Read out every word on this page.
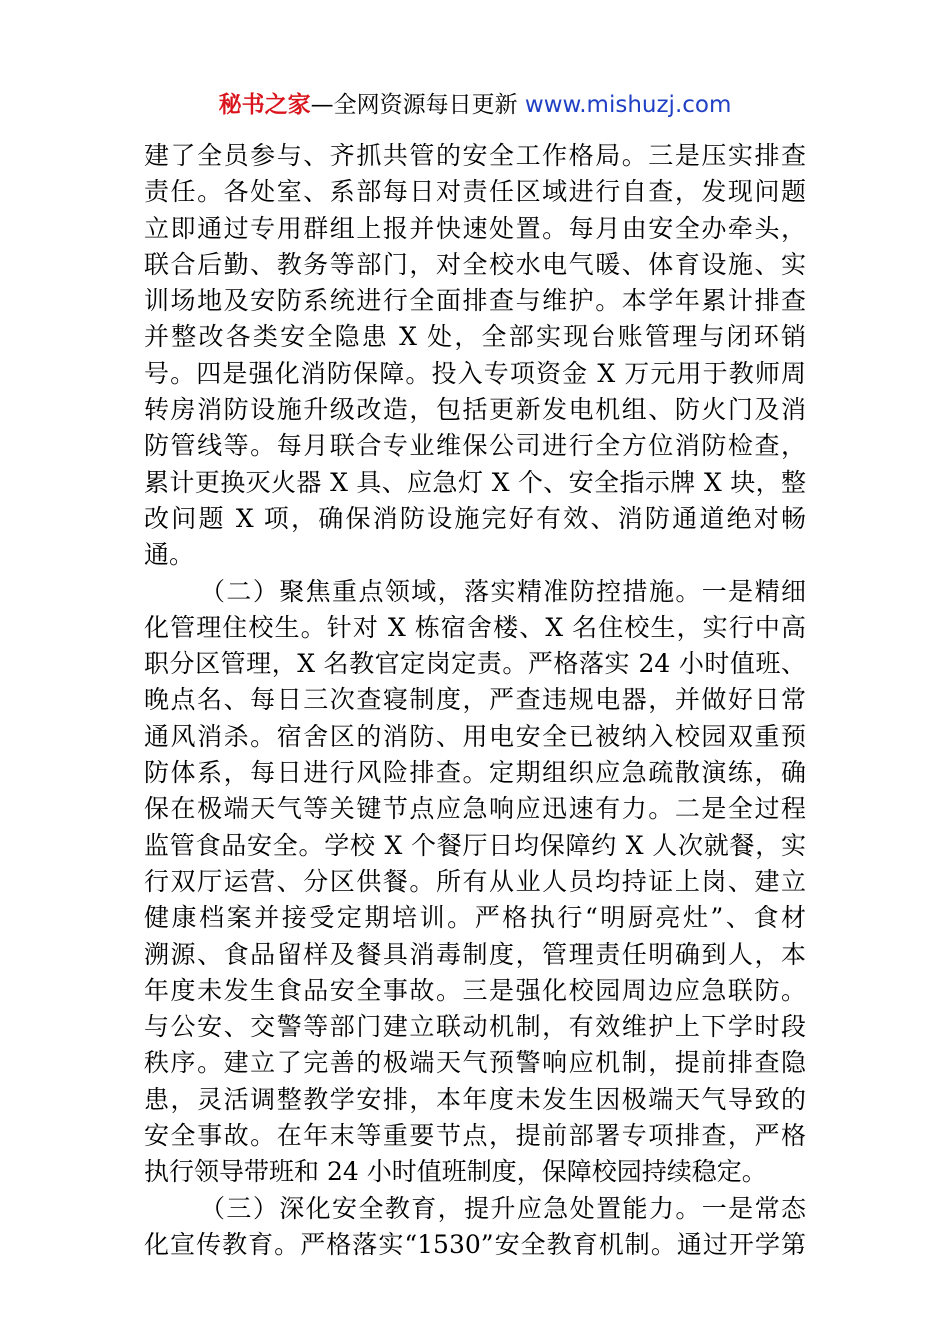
秘书之家—全网资源每日更新 www.mishuzj.com
建了全员参与、齐抓共管的安全工作格局。三是压实排查
责任。各处室、系部每日对责任区域进行自查，发现问题
立即通过专用群组上报并快速处置。每月由安全办牵头，
联合后勤、教务等部门，对全校水电气暖、体育设施、实
训场地及安防系统进行全面排查与维护。本学年累计排查
并整改各类安全隐患 X 处，全部实现台账管理与闭环销
号。四是强化消防保障。投入专项资金 X 万元用于教师周
转房消防设施升级改造，包括更新发电机组、防火门及消
防管线等。每月联合专业维保公司进行全方位消防检查，
累计更换灭火器 X 具、应急灯 X 个、安全指示牌 X 块，整
改问题 X 项，确保消防设施完好有效、消防通道绝对畅
通。
（二）聚焦重点领域，落实精准防控措施。一是精细
化管理住校生。针对 X 栋宿舍楼、X 名住校生，实行中高
职分区管理，X 名教官定岗定责。严格落实 24 小时值班、
晚点名、每日三次查寝制度，严查违规电器，并做好日常
通风消杀。宿舍区的消防、用电安全已被纳入校园双重预
防体系，每日进行风险排查。定期组织应急疏散演练，确
保在极端天气等关键节点应急响应迅速有力。二是全过程
监管食品安全。学校 X 个餐厅日均保障约 X 人次就餐，实
行双厅运营、分区供餐。所有从业人员均持证上岗、建立
健康档案并接受定期培训。严格执行“明厨亮灶”、食材
溯源、食品留样及餐具消毒制度，管理责任明确到人，本
年度未发生食品安全事故。三是强化校园周边应急联防。
与公安、交警等部门建立联动机制，有效维护上下学时段
秩序。建立了完善的极端天气预警响应机制，提前排查隐
患，灵活调整教学安排，本年度未发生因极端天气导致的
安全事故。在年末等重要节点，提前部署专项排查，严格
执行领导带班和 24 小时值班制度，保障校园持续稳定。
（三）深化安全教育，提升应急处置能力。一是常态
化宣传教育。严格落实“1530”安全教育机制。通过开学第
